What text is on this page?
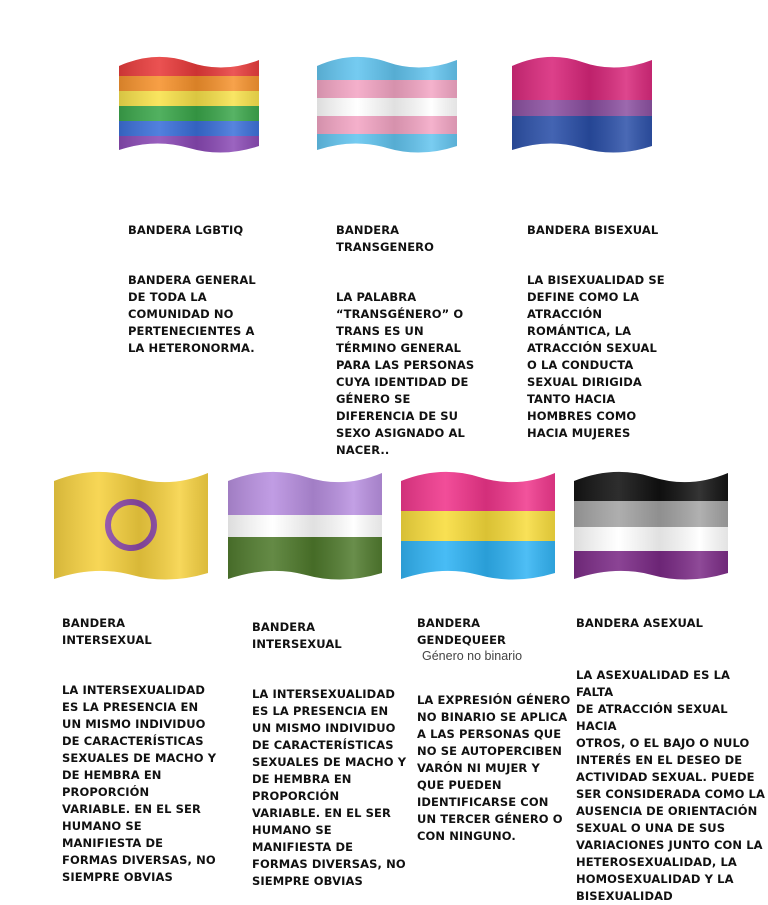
BANDERA LGBTIQ

BANDERA GENERAL
DE TODA LA
COMUNIDAD NO
PERTENECIENTES A
LA HETERONORMA.

BANDERA
TRANSGENERO

LA PALABRA
“TRANSGÉNERO” O
TRANS ES UN
TÉRMINO GENERAL
PARA LAS PERSONAS
CUYA IDENTIDAD DE
GÉNERO SE
DIFERENCIA DE SU
SEXO ASIGNADO AL
NACER..

BANDERA BISEXUAL

LA BISEXUALIDAD SE
DEFINE COMO LA
ATRACCIÓN
ROMÁNTICA, LA
ATRACCIÓN SEXUAL
O LA CONDUCTA
SEXUAL DIRIGIDA
TANTO HACIA
HOMBRES COMO
HACIA MUJERES

BANDERA
INTERSEXUAL

LA INTERSEXUALIDAD
ES LA PRESENCIA EN
UN MISMO INDIVIDUO
DE CARACTERÍSTICAS
SEXUALES DE MACHO Y
DE HEMBRA EN
PROPORCIÓN
VARIABLE. EN EL SER
HUMANO SE
MANIFIESTA DE
FORMAS DIVERSAS, NO
SIEMPRE OBVIAS

BANDERA
INTERSEXUAL

LA INTERSEXUALIDAD
ES LA PRESENCIA EN
UN MISMO INDIVIDUO
DE CARACTERÍSTICAS
SEXUALES DE MACHO Y
DE HEMBRA EN
PROPORCIÓN
VARIABLE. EN EL SER
HUMANO SE
MANIFIESTA DE
FORMAS DIVERSAS, NO
SIEMPRE OBVIAS

BANDERA
GENDEQUEER

LA EXPRESIÓN GÉNERO
NO BINARIO SE APLICA
A LAS PERSONAS QUE
NO SE AUTOPERCIBEN
VARÓN NI MUJER Y
QUE PUEDEN
IDENTIFICARSE CON
UN TERCER GÉNERO O
CON NINGUNO.

Género no binario

BANDERA ASEXUAL

LA ASEXUALIDAD ES LA FALTA
DE ATRACCIÓN SEXUAL HACIA
OTROS, O EL BAJO O NULO
INTERÉS EN EL DESEO DE
ACTIVIDAD SEXUAL. PUEDE
SER CONSIDERADA COMO LA
AUSENCIA DE ORIENTACIÓN
SEXUAL O UNA DE SUS
VARIACIONES JUNTO CON LA
HETEROSEXUALIDAD, LA
HOMOSEXUALIDAD Y LA
BISEXUALIDAD
